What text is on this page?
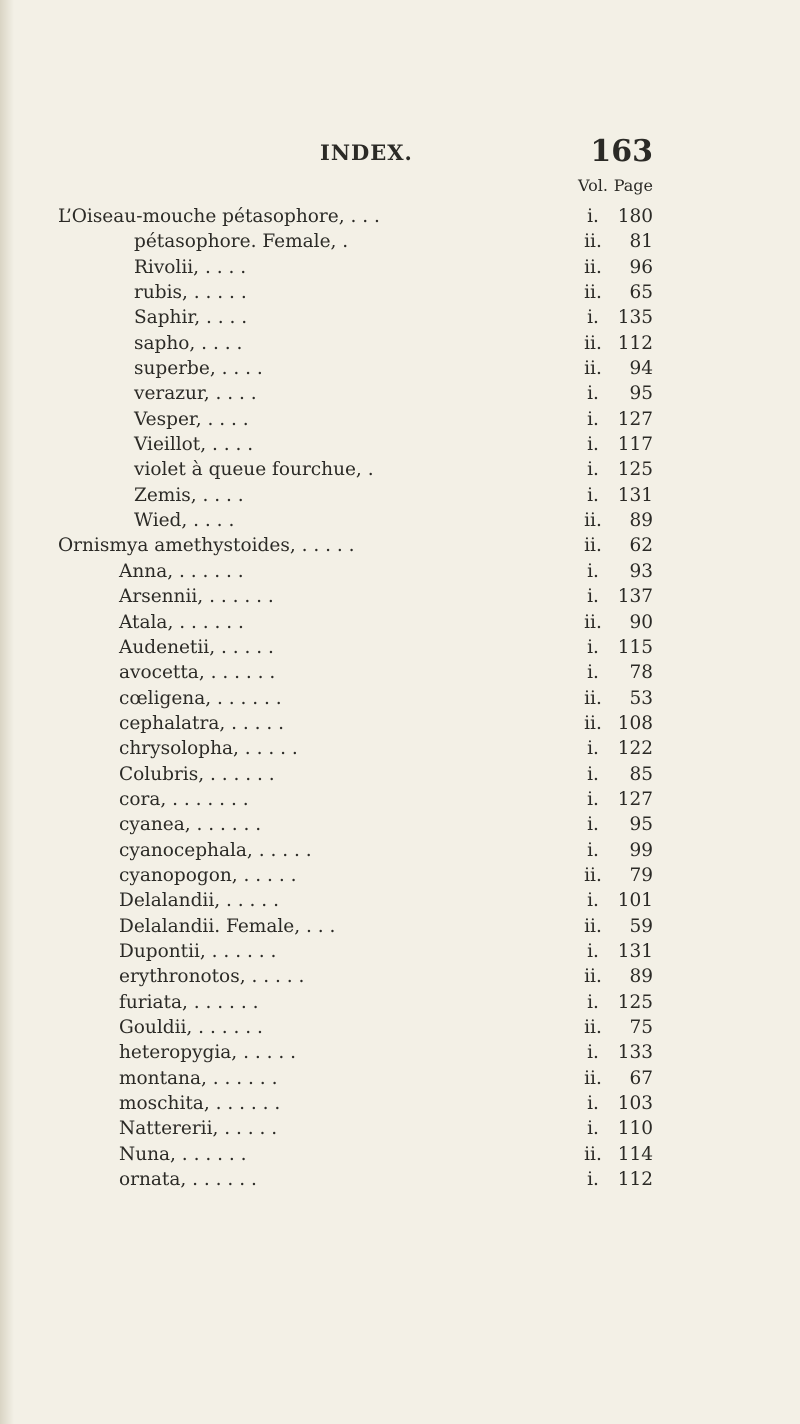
INDEX.	163
Vol. Page
L’Oiseau-mouche pétasophore, . . .	i.	180
pétasophore. Female, .	ii.	81
Rivolii, . . . .	ii.	96
rubis, . . . . .	ii.	65
Saphir, . . . .	i.	135
sapho, . . . .	ii. 112
superbe, . . . .	ii.	94
verazur, . . . .	i.	95
Vesper, . . . .	i.	127
Vieillot, . . . .	i.	117
violet à queue fourchue, .	i.	125
Zemis, . . . .	i.	131
Wied, . . . .	ii.	89
Ornismya amethystoides, . . . . .	ii.	62
Anna, . . . . . .	i.	93
Arsennii, . . . . . .	i.	137
Atala, . . . . . .	ii.	90
Audenetii, . . . . .	i.	115
avocetta, . . . . . .	i.	78
cœligena, . . . . . .	ii.	53
cephalatra, . . . . .	ii. 108
chrysolopha, . . . . .	i.	122
Colubris, . . . . . .	i.	85
cora, . . . . . . .	i.	127
cyanea, . . . . . .	i.	95
cyanocephala, . . . . .	i.	99
cyanopogon, . . . . .	ii.	79
Delalandii, . . . . .	i.	101
Delalandii. Female, . . .	ii.	59
Dupontii, . . . . . .	i.	131
erythronotos, . . . . .	ii.	89
furiata, . . . . . .	i.	125
Gouldii, . . . . . .	ii.	75
heteropygia, . . . . .	i.	133
montana, . . . . . .	ii.	67
moschita, . . . . . .	i.	103
Nattererii, . . . . .	i.	110
Nuna, . . . . . .	ii. 114
ornata, . . . . . .	i.	112
